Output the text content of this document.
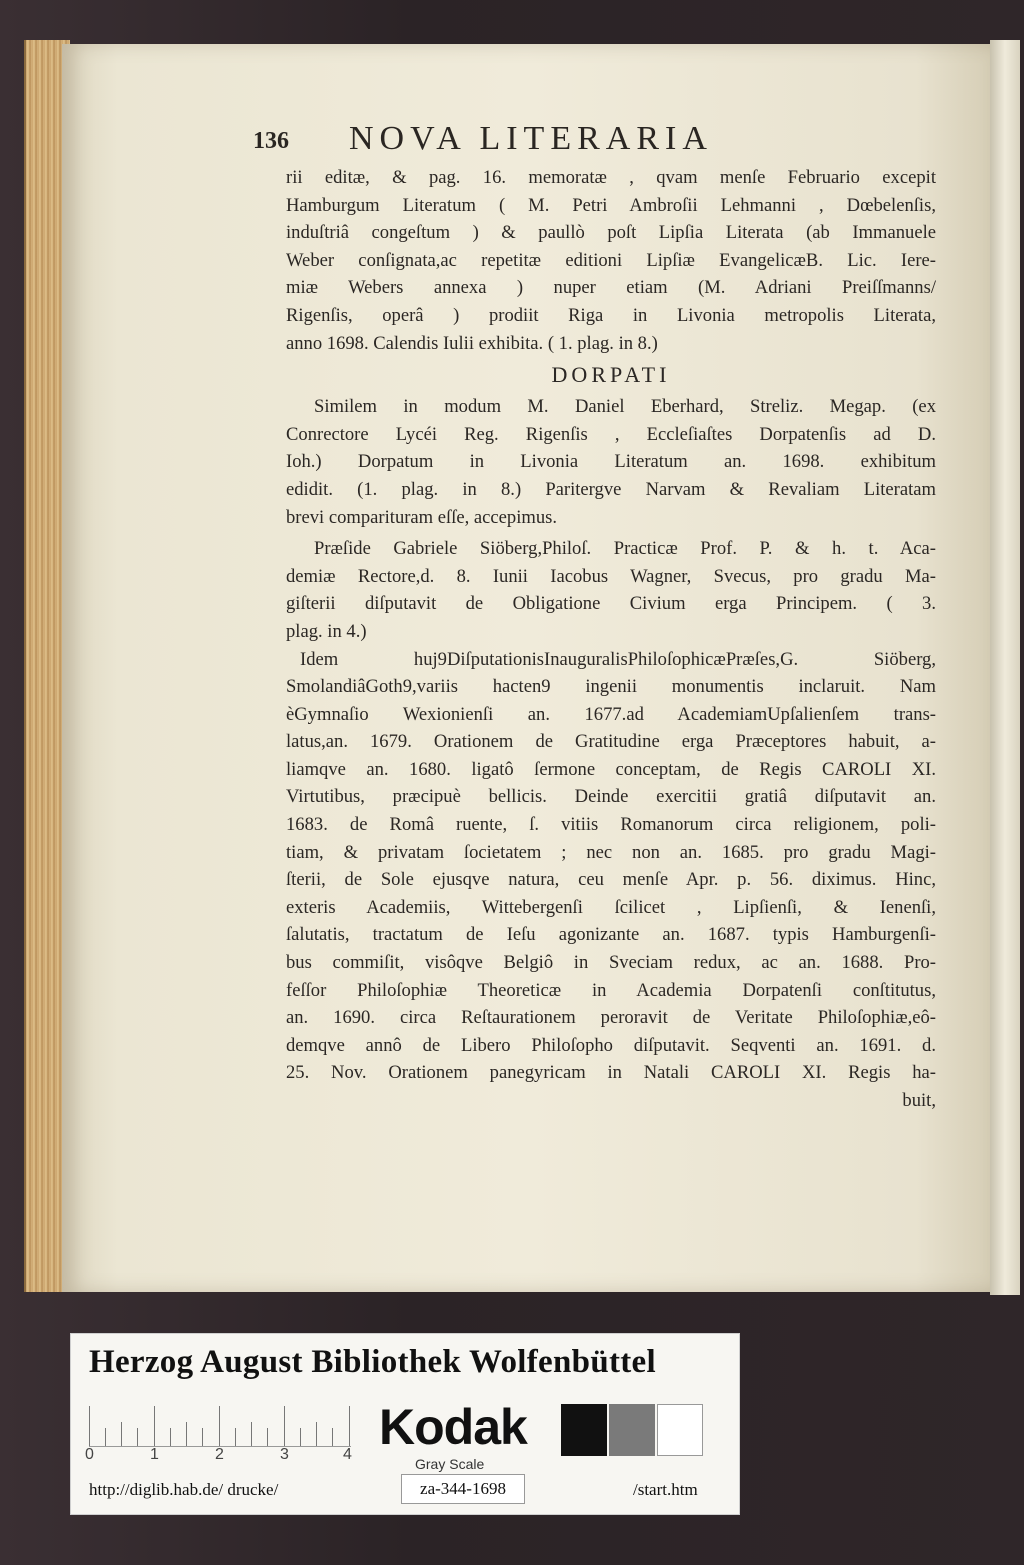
136 NOVA LITERARIA
rii editæ, & pag. 16. memoratæ , qvam menſe Februario excepit
Hamburgum Literatum ( M. Petri Ambroſii Lehmanni , Dœbelenſis,
induſtriâ congeſtum ) & paullò poſt Lipſia Literata (ab Immanuele
Weber conſignata,ac repetitæ editioni Lipſiæ EvangelicæB. Lic. Iere-
miæ Webers annexa ) nuper etiam (M. Adriani Preiſſmanns/
Rigenſis, operâ ) prodiit Riga in Livonia metropolis Literata,
anno 1698. Calendis Iulii exhibita. ( 1. plag. in 8.)
DORPATI
Similem in modum M. Daniel Eberhard, Streliz. Megap. (ex
Conrectore Lycéi Reg. Rigenſis , Eccleſiaſtes Dorpatenſis ad D.
Ioh.) Dorpatum in Livonia Literatum an. 1698. exhibitum
edidit. (1. plag. in 8.) Paritergve Narvam & Revaliam Literatam
brevi comparituram eſſe, accepimus.
Præſide Gabriele Siöberg,Philoſ. Practicæ Prof. P. & h. t. Aca-
demiæ Rectore,d. 8. Iunii Iacobus Wagner, Svecus, pro gradu Ma-
giſterii diſputavit de Obligatione Civium erga Principem. ( 3.
plag. in 4.)
Idem huj9DiſputationisInauguralisPhiloſophicæPræſes,G. Siöberg,
SmolandiâGoth9,variis hacten9 ingenii monumentis inclaruit. Nam
èGymnaſio Wexionienſi an. 1677.ad AcademiamUpſalienſem trans-
latus,an. 1679. Orationem de Gratitudine erga Præceptores habuit, a-
liamqve an. 1680. ligatô ſermone conceptam, de Regis CAROLI XI.
Virtutibus, præcipuè bellicis. Deinde exercitii gratiâ diſputavit an.
1683. de Româ ruente, ſ. vitiis Romanorum circa religionem, poli-
tiam, & privatam ſocietatem ; nec non an. 1685. pro gradu Magi-
ſterii, de Sole ejusqve natura, ceu menſe Apr. p. 56. diximus. Hinc,
exteris Academiis, Wittebergenſi ſcilicet , Lipſienſi, & Ienenſi,
ſalutatis, tractatum de Ieſu agonizante an. 1687. typis Hamburgenſi-
bus commiſit, visôqve Belgiô in Sveciam redux, ac an. 1688. Pro-
feſſor Philoſophiæ Theoreticæ in Academia Dorpatenſi conſtitutus,
an. 1690. circa Reſtaurationem peroravit de Veritate Philoſophiæ,eô-
demqve annô de Libero Philoſopho diſputavit. Seqventi an. 1691. d.
25. Nov. Orationem panegyricam in Natali CAROLI XI. Regis ha-
buit,
Herzog August Bibliothek Wolfenbüttel
0	1	2	3	4 Kodak
Gray Scale
http://diglib.hab.de/ drucke/	za-344-1698	/start.htm
